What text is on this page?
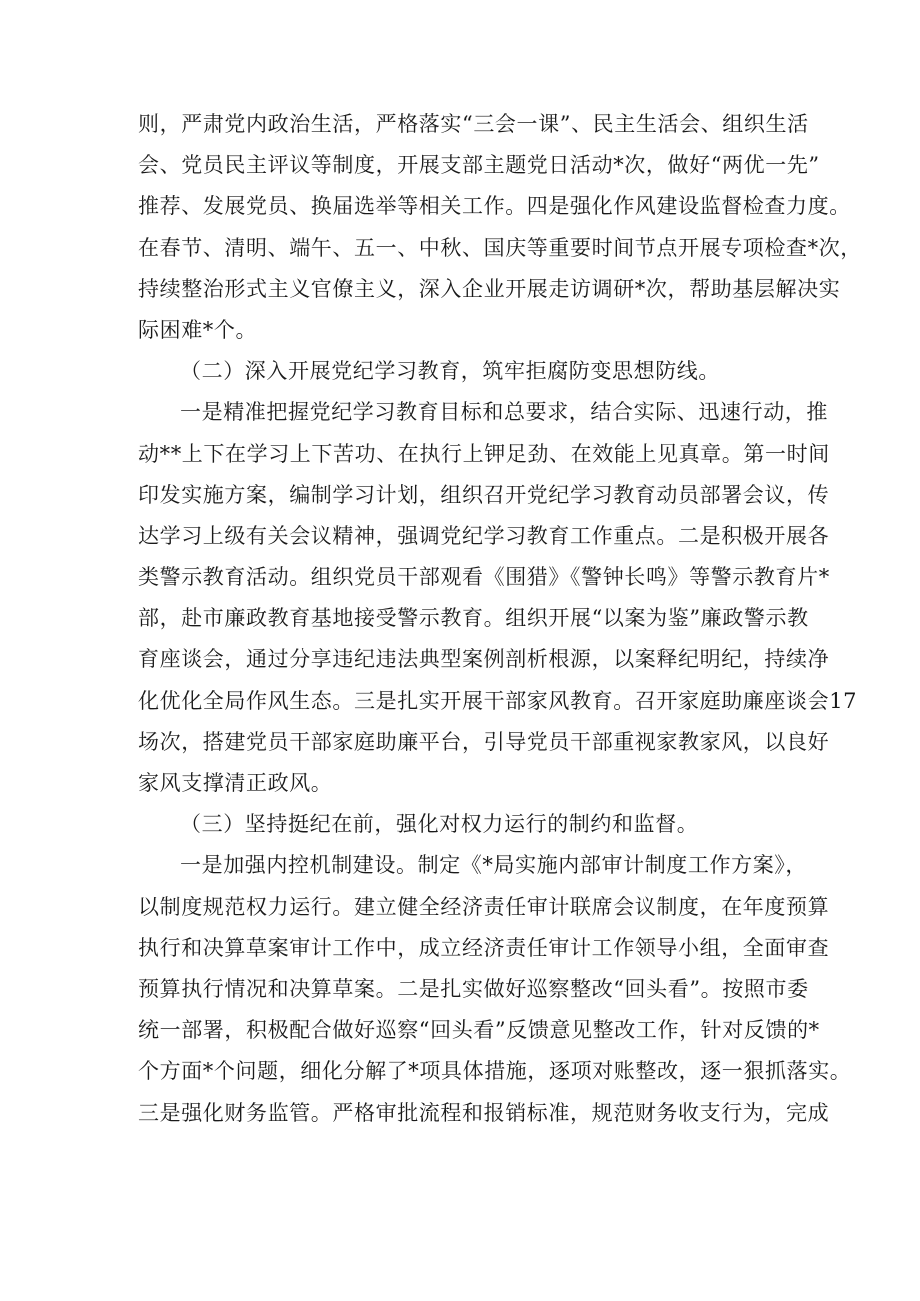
则，严肃党内政治生活，严格落实“三会一课”、民主生活会、组织生活
会、党员民主评议等制度，开展支部主题党日活动*次，做好“两优一先”
推荐、发展党员、换届选举等相关工作。四是强化作风建设监督检查力度。
在春节、清明、端午、五一、中秋、国庆等重要时间节点开展专项检查*次，
持续整治形式主义官僚主义，深入企业开展走访调研*次，帮助基层解决实
际困难*个。
（二）深入开展党纪学习教育，筑牢拒腐防变思想防线。
一是精准把握党纪学习教育目标和总要求，结合实际、迅速行动，推
动**上下在学习上下苦功、在执行上钾足劲、在效能上见真章。第一时间
印发实施方案，编制学习计划，组织召开党纪学习教育动员部署会议，传
达学习上级有关会议精神，强调党纪学习教育工作重点。二是积极开展各
类警示教育活动。组织党员干部观看《围猎》《警钟长鸣》等警示教育片*
部，赴市廉政教育基地接受警示教育。组织开展“以案为鉴”廉政警示教
育座谈会，通过分享违纪违法典型案例剖析根源，以案释纪明纪，持续净
化优化全局作风生态。三是扎实开展干部家风教育。召开家庭助廉座谈会17
场次，搭建党员干部家庭助廉平台，引导党员干部重视家教家风，以良好
家风支撑清正政风。
（三）坚持挺纪在前，强化对权力运行的制约和监督。
一是加强内控机制建设。制定《*局实施内部审计制度工作方案》，
以制度规范权力运行。建立健全经济责任审计联席会议制度，在年度预算
执行和决算草案审计工作中，成立经济责任审计工作领导小组，全面审查
预算执行情况和决算草案。二是扎实做好巡察整改“回头看”。按照市委
统一部署，积极配合做好巡察“回头看”反馈意见整改工作，针对反馈的*
个方面*个问题，细化分解了*项具体措施，逐项对账整改，逐一狠抓落实。
三是强化财务监管。严格审批流程和报销标准，规范财务收支行为，完成
